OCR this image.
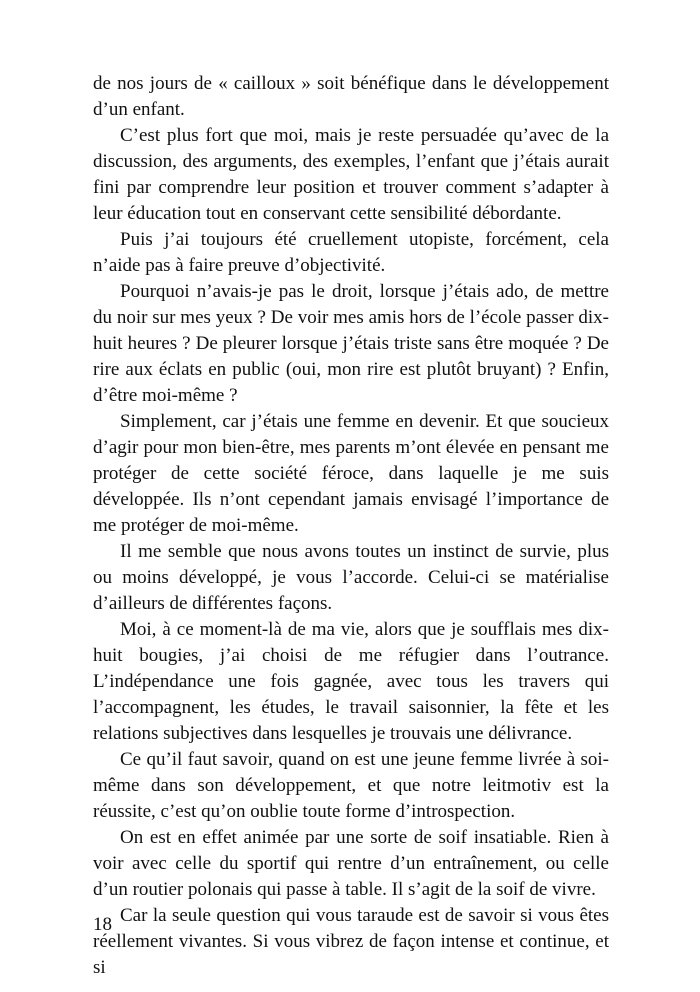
de nos jours de « cailloux » soit bénéfique dans le développement d’un enfant.

C’est plus fort que moi, mais je reste persuadée qu’avec de la discussion, des arguments, des exemples, l’enfant que j’étais aurait fini par comprendre leur position et trouver comment s’adapter à leur éducation tout en conservant cette sensibilité débordante.

Puis j’ai toujours été cruellement utopiste, forcément, cela n’aide pas à faire preuve d’objectivité.

Pourquoi n’avais-je pas le droit, lorsque j’étais ado, de mettre du noir sur mes yeux ? De voir mes amis hors de l’école passer dix-huit heures ? De pleurer lorsque j’étais triste sans être moquée ? De rire aux éclats en public (oui, mon rire est plutôt bruyant) ? Enfin, d’être moi-même ?

Simplement, car j’étais une femme en devenir. Et que soucieux d’agir pour mon bien-être, mes parents m’ont élevée en pensant me protéger de cette société féroce, dans laquelle je me suis développée. Ils n’ont cependant jamais envisagé l’importance de me protéger de moi-même.

Il me semble que nous avons toutes un instinct de survie, plus ou moins développé, je vous l’accorde. Celui-ci se matérialise d’ailleurs de différentes façons.

Moi, à ce moment-là de ma vie, alors que je soufflais mes dix-huit bougies, j’ai choisi de me réfugier dans l’outrance. L’indépendance une fois gagnée, avec tous les travers qui l’accompagnent, les études, le travail saisonnier, la fête et les relations subjectives dans lesquelles je trouvais une délivrance.

Ce qu’il faut savoir, quand on est une jeune femme livrée à soi-même dans son développement, et que notre leitmotiv est la réussite, c’est qu’on oublie toute forme d’introspection.

On est en effet animée par une sorte de soif insatiable. Rien à voir avec celle du sportif qui rentre d’un entraînement, ou celle d’un routier polonais qui passe à table. Il s’agit de la soif de vivre.

Car la seule question qui vous taraude est de savoir si vous êtes réellement vivantes. Si vous vibrez de façon intense et continue, et si

18
